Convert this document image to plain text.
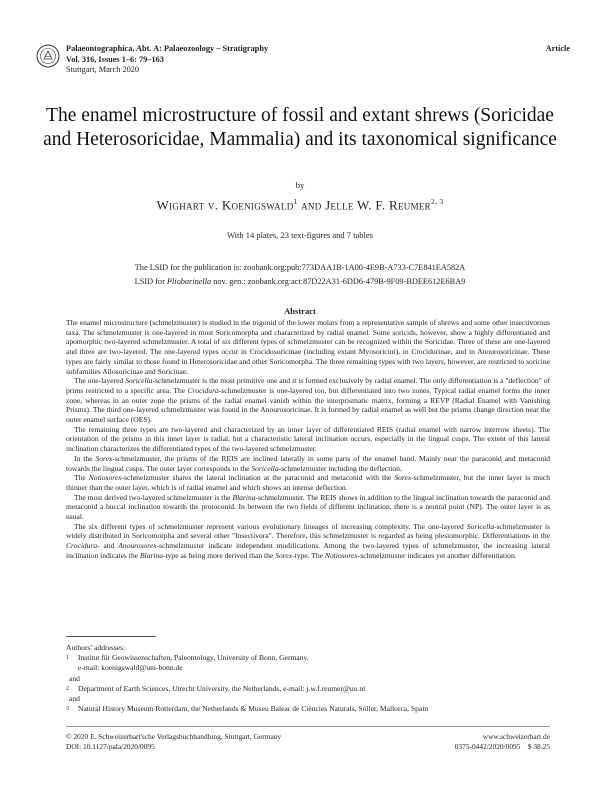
Palaeontographica, Abt. A: Palaeozoology – Stratigraphy
Vol. 316, Issues 1–6: 79–163
Stuttgart, March 2020
Article
The enamel microstructure of fossil and extant shrews (Soricidae and Heterosoricidae, Mammalia) and its taxonomical significance
by
Wighart v. Koenigswald$^1$ and Jelle W. F. Reumer$^{2, 3}$
With 14 plates, 23 text-figures and 7 tables
The LSID for the publication is: zoobank.org:pub:773DAA1B-1A00-4E9B-A733-C7E841EA582A
LSID for Pliobarinella nov. gen.: zoobank.org:act:87D22A31-6DD6-479B-9F09-BDEE612E6BA9
Abstract

The enamel microstructure (schmelzmuster) is studied in the trigonid of the lower molars from a representative sample of shrews and some other insectivorous taxa. The schmelzmuster is one-layered in most Soricomorpha and characterized by radial enamel. Some soricids, however, show a highly differentiated and apomorphic two-layered schmelzmuster. A total of six different types of schmelzmuster can be recognized within the Soricidae. Three of these are one-layered and three are two-layered. The one-layered types occur in Crocidosoricinae (including extant Myosoricini), in Crocidurinae, and in Anourosoricinae. These types are fairly similar to those found in Heterosoricidae and other Soricomorpha. The three remaining types with two layers, however, are restricted to soricine subfamilies Allosoricinae and Soricinae.

The one-layered Soricella-schmelzmuster is the most primitive one and it is formed exclusively by radial enamel. The only differentiation is a "deflection" of prims restricted to a specific area. The Crocidura-schmelzmuster is one-layered too, but differentiated into two zones. Typical radial enamel forms the inner zone, whereas in an outer zone the prisms of the radial enamel vanish within the interprismatic matrix, forming a REVP (Radial Enamel with Vanishing Prisms). The third one-layered schmelzmuster was found in the Anourosoricinae. It is formed by radial enamel as well but the prisms change direction near the outer enamel surface (OES).

The remaining three types are two-layered and characterized by an inner layer of differentiated REIS (radial enamel with narrow interrow sheets). The orientation of the prisms in this inner layer is radial, but a characteristic lateral inclination occurs, especially in the lingual cusps. The extent of this lateral inclination characterizes the differentiated types of the two-layered schmelzmuster.

In the Sorex-schmelzmuster, the prisms of the REIS are inclined laterally in some parts of the enamel band. Mainly near the paraconid and metaconid towards the lingual cusps. The outer layer corresponds to the Soricella-schmelzmuster including the deflection.

The Notiosorex-schmelzmuster shares the lateral inclination at the paraconid and metaconid with the Sorex-schmelzmuster, but the inner layer is much thinner than the outer layer, which is of radial enamel and which shows an intense deflection.

The most derived two-layered schmelzmuster is the Blarina-schmelzmuster. The REIS shows in addition to the lingual inclination towards the paraconid and metaconid a buccal inclination towards the protoconid. In between the two fields of different inclination, there is a neutral point (NP). The outer layer is as usual.

The six different types of schmelzmuster represent various evolutionary lineages of increasing complexity. The one-layered Soricella-schmelzmuster is widely distributed in Soricomorpha and several other "Insectivora". Therefore, this schmelzmuster is regarded as being plesiomorphic. Differentiations in the Crocidura- and Anourosorex-schmelzmuster indicate independent modifications. Among the two-layered types of schmelzmuster, the increasing lateral inclination indicates the Blarina-type as being more derived than the Sorex-type. The Notiosorex-schmelzmuster indicates yet another differentiation.

Authors’ addresses:
1 Institut für Geowissenschaften, Paleontology, University of Bonn, Germany,
e-mail: koenigswald@uni-bonn.de
and
2 Department of Earth Sciences, Utrecht University, the Netherlands, e-mail: j.w.f.reumer@uu.nl
and
3 Natural History Museum Rotterdam, the Netherlands & Museu Balear de Ciències Naturals, Sóller, Mallorca, Spain
© 2020 E. Schweizerbart'sche Verlagsbuchhandlung, Stuttgart, Germany
DOI: 10.1127/pala/2020/0095
www.schweizerbart.de
0375-0442/2020/0095    $ 38.25
